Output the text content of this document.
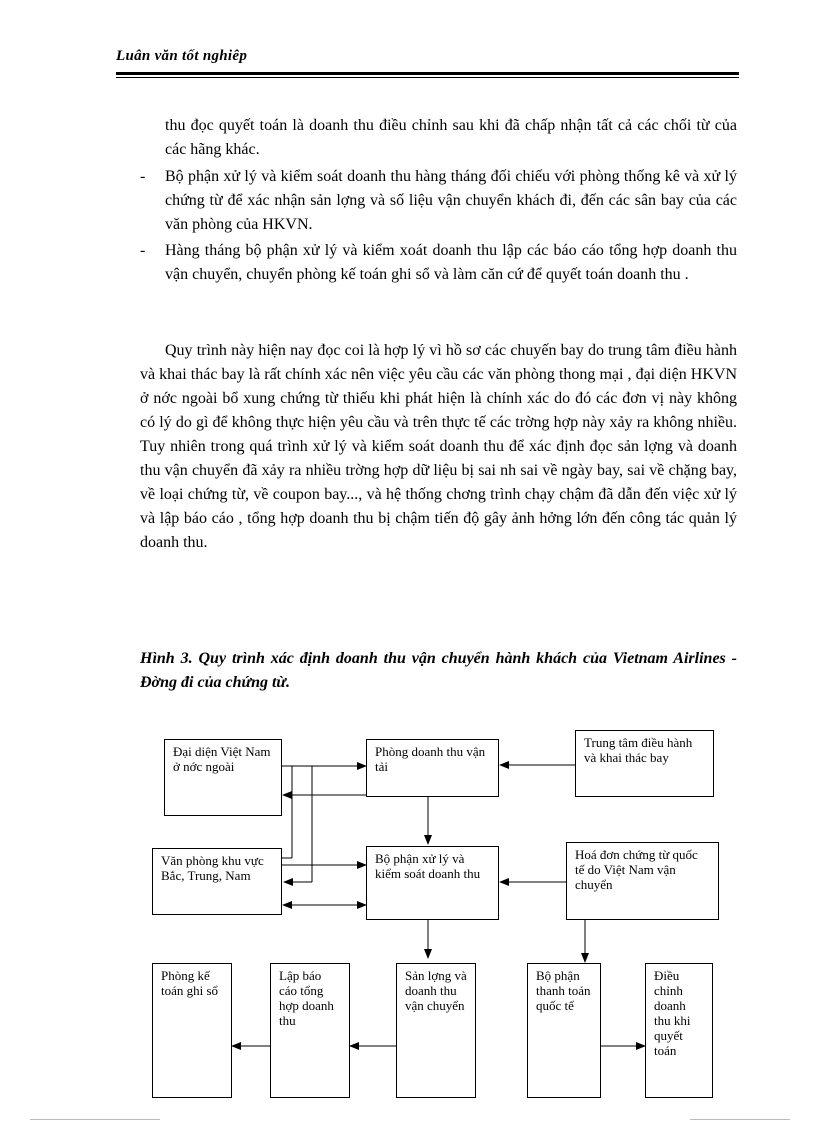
Luân văn tốt nghiêp
thu đọc quyết toán là doanh thu điều chỉnh sau khi đã chấp nhận tất cả các chối từ của các hãng khác.
- Bộ phận xử lý và kiểm soát doanh thu hàng tháng đối chiếu với phòng thống kê và xử lý chứng từ để xác nhận sản lợng và số liệu vận chuyển khách đi, đến các sân bay của các văn phòng của HKVN.
- Hàng tháng bộ phận xử lý và kiểm xoát doanh thu lập các báo cáo tổng hợp doanh thu vận chuyển, chuyển phòng kế toán ghi sổ và làm căn cứ để quyết toán doanh thu .
Quy trình này hiện nay đọc coi là hợp lý vì hồ sơ các chuyến bay do trung tâm điều hành và khai thác bay là rất chính xác nên việc yêu cầu các văn phòng thong mại , đại diện HKVN ở nớc ngoài bổ xung chứng từ thiếu khi phát hiện là chính xác do đó các đơn vị này không có lý do gì để không thực hiện yêu cầu và trên thực tế các trờng hợp này xảy ra không nhiều. Tuy nhiên trong quá trình xử lý và kiểm soát doanh thu để xác định đọc sản lợng và doanh thu vận chuyển đã xảy ra nhiều trờng hợp dữ liệu bị sai nh sai về ngày bay, sai về chặng bay, về loại chứng từ, về coupon bay..., và hệ thống chơng trình chạy chậm đã dẫn đến việc xử lý và lập báo cáo , tổng hợp doanh thu bị chậm tiến độ gây ảnh hởng lớn đến công tác quản lý doanh thu.
Hình 3. Quy trình xác định doanh thu vận chuyển hành khách của Vietnam Airlines - Đờng đi của chứng từ.
Đại diện Việt Nam ở nớc ngoài
Phòng doanh thu vận tải
Trung tâm điều hành và khai thác bay
Văn phòng khu vực Bắc, Trung, Nam
Bộ phận xử lý và kiểm soát doanh thu
Hoá đơn chứng từ quốc tế do Việt Nam vận chuyển
Phòng kế toán ghi sổ
Lập báo cáo tổng hợp doanh thu
Sản lợng và doanh thu vận chuyển
Bộ phận thanh toán quốc tế
Điều chỉnh doanh thu khi quyết toán
